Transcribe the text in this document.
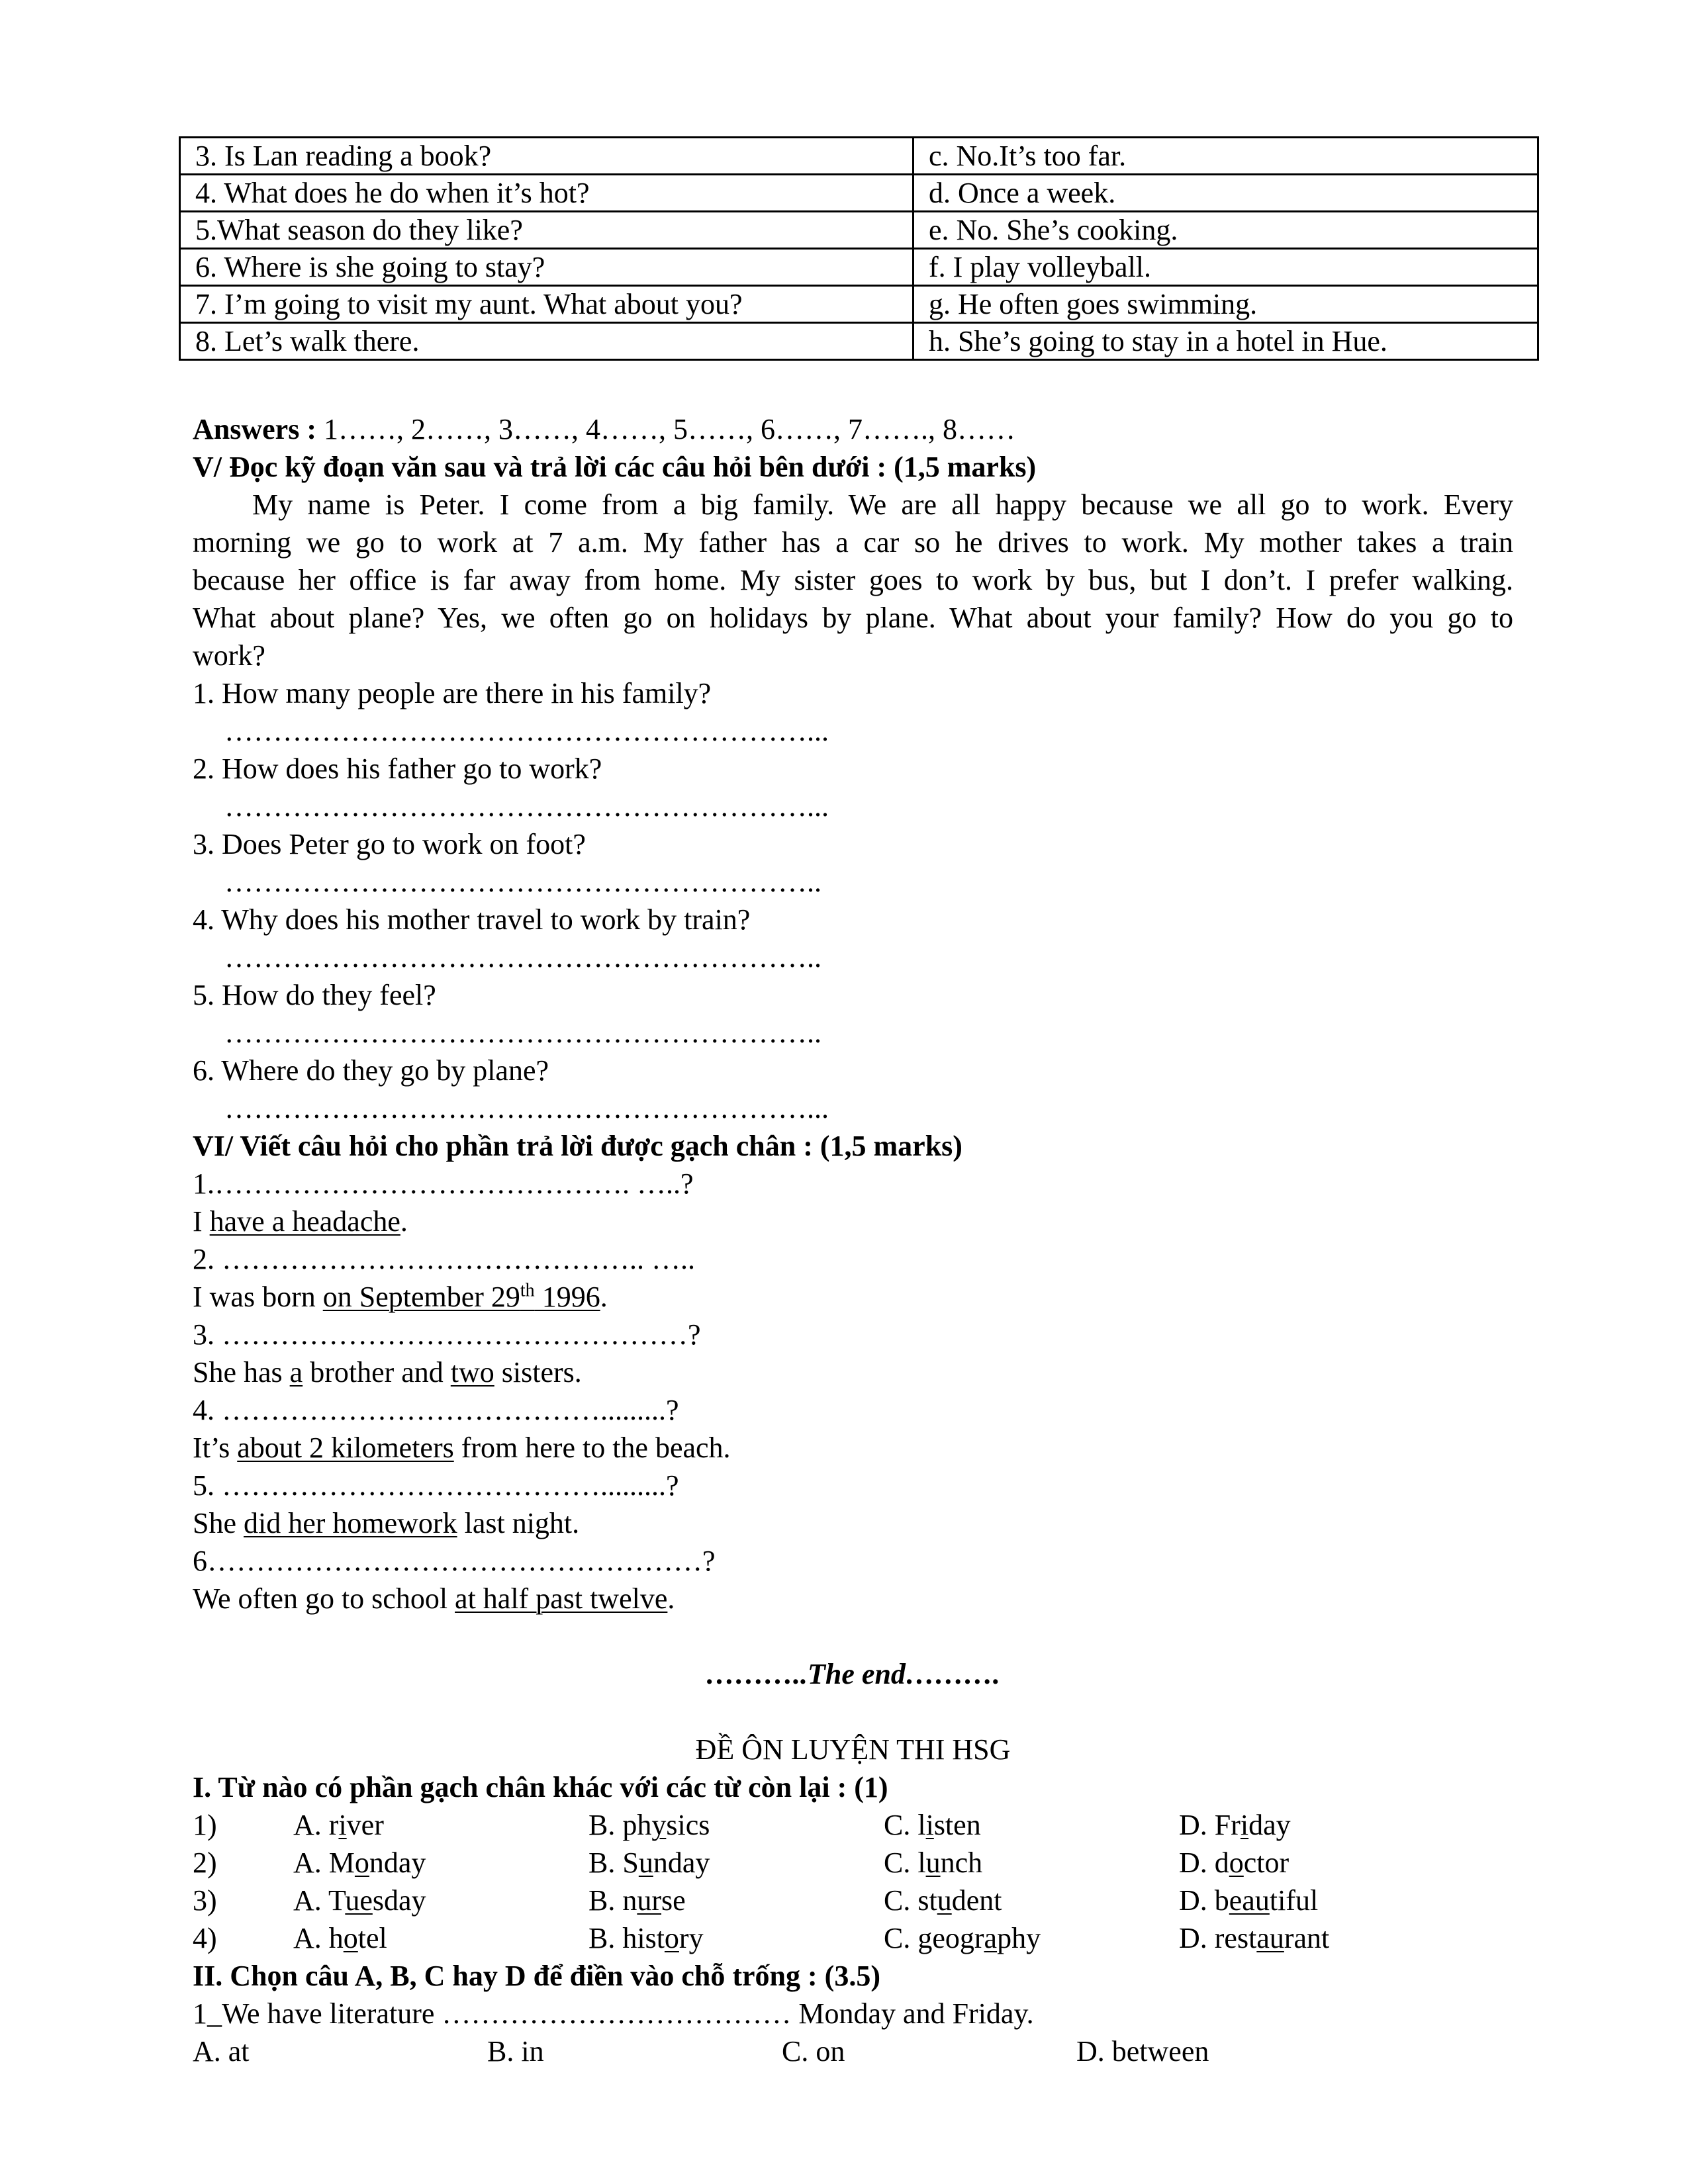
3. Is Lan reading a book?	c. No.It’s too far.
4. What does he do when it’s hot?	d. Once a week.
5.What season do they like?	e. No. She’s cooking.
6. Where is she going to stay?	f. I play volleyball.
7. I’m going to visit my aunt. What about you?	g. He often goes swimming.
8. Let’s walk there.	h. She’s going to stay in a hotel in Hue.
Answers : 1……, 2……, 3……, 4……, 5……, 6……, 7……., 8……
V/ Đọc kỹ đoạn văn sau và trả lời các câu hỏi bên dưới : (1,5 marks)
My name is Peter. I come from a big family. We are all happy because we all go to work. Every
morning we go to work at 7 a.m. My father has a car so he drives to work. My mother takes a train
because her office is far away from home. My sister goes to work by bus, but I don’t. I prefer walking.
What about plane? Yes, we often go on holidays by plane. What about your family? How do you go to
work?
1. How many people are there in his family?
……………………………………………………...
2. How does his father go to work?
……………………………………………………...
3. Does Peter go to work on foot?
……………………………………………………..
4. Why does his mother travel to work by train?
……………………………………………………..
5. How do they feel?
……………………………………………………..
6. Where do they go by plane?
……………………………………………………...
VI/ Viết câu hỏi cho phần trả lời được gạch chân : (1,5 marks)
1.……………………………………. …..?
I have a headache.
2. …………………………………….. …..
I was born on September 29th 1996.
3. …………………………………………?
She has a brother and two sisters.
4. ………………………………….........?
It’s about 2 kilometers from here to the beach.
5. ………………………………….........?
She did her homework last night.
6……………………………………………?
We often go to school at half past twelve.
………..The end……….
ĐỀ ÔN LUYỆN THI HSG
I. Từ nào có phần gạch chân khác với các từ còn lại : (1)
1)	A. river	B. physics	C. listen	D. Friday
2)	A. Monday	B. Sunday	C. lunch	D. doctor
3)	A. Tuesday	B. nurse	C. student	D. beautiful
4)	A. hotel	B. history	C. geography	D. restaurant
II. Chọn câu A, B, C hay D để điền vào chỗ trống : (3.5)
1_We have literature ……………………………… Monday and Friday.
A. at	B. in	C. on	D. between
